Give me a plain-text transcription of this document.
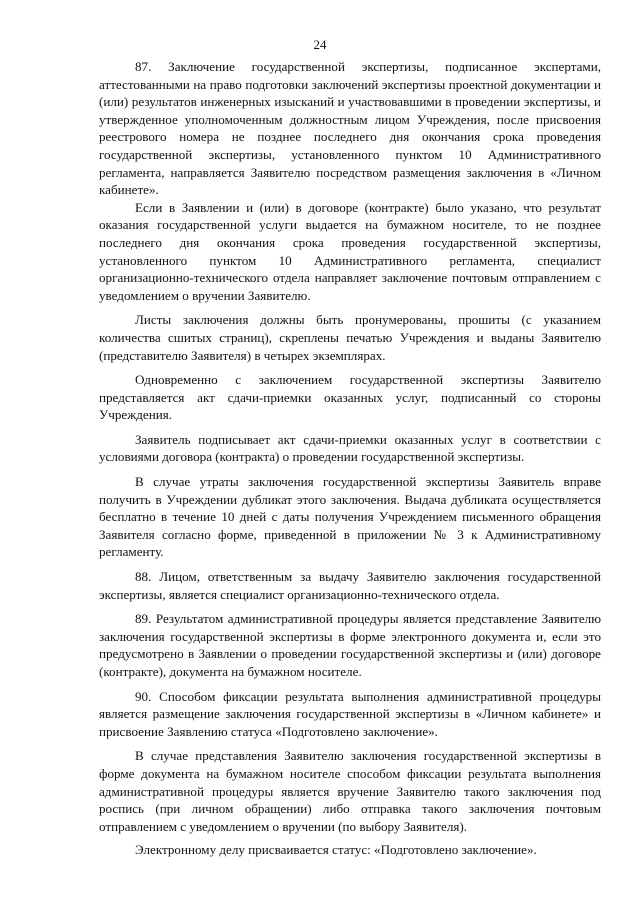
24

87. Заключение государственной экспертизы, подписанное экспертами, аттестованными на право подготовки заключений экспертизы проектной документации и (или) результатов инженерных изысканий и участвовавшими в проведении экспертизы, и утвержденное уполномоченным должностным лицом Учреждения, после присвоения реестрового номера не позднее последнего дня окончания срока проведения государственной экспертизы, установленного пунктом 10 Административного регламента, направляется Заявителю посредством размещения заключения в «Личном кабинете».

Если в Заявлении и (или) в договоре (контракте) было указано, что результат оказания государственной услуги выдается на бумажном носителе, то не позднее последнего дня окончания срока проведения государственной экспертизы, установленного пунктом 10 Административного регламента, специалист организационно-технического отдела направляет заключение почтовым отправлением с уведомлением о вручении Заявителю.

Листы заключения должны быть пронумерованы, прошиты (с указанием количества сшитых страниц), скреплены печатью Учреждения и выданы Заявителю (представителю Заявителя) в четырех экземплярах.

Одновременно с заключением государственной экспертизы Заявителю представляется акт сдачи-приемки оказанных услуг, подписанный со стороны Учреждения.

Заявитель подписывает акт сдачи-приемки оказанных услуг в соответствии с условиями договора (контракта) о проведении государственной экспертизы.

В случае утраты заключения государственной экспертизы Заявитель вправе получить в Учреждении дубликат этого заключения. Выдача дубликата осуществляется бесплатно в течение 10 дней с даты получения Учреждением письменного обращения Заявителя согласно форме, приведенной в приложении № 3 к Административному регламенту.

88. Лицом, ответственным за выдачу Заявителю заключения государственной экспертизы, является специалист организационно-технического отдела.

89. Результатом административной процедуры является представление Заявителю заключения государственной экспертизы в форме электронного документа и, если это предусмотрено в Заявлении о проведении государственной экспертизы и (или) договоре (контракте), документа на бумажном носителе.

90. Способом фиксации результата выполнения административной процедуры является размещение заключения государственной экспертизы в «Личном кабинете» и присвоение Заявлению статуса «Подготовлено заключение».

В случае представления Заявителю заключения государственной экспертизы в форме документа на бумажном носителе способом фиксации результата выполнения административной процедуры является вручение Заявителю такого заключения под роспись (при личном обращении) либо отправка такого заключения почтовым отправлением с уведомлением о вручении (по выбору Заявителя).

Электронному делу присваивается статус: «Подготовлено заключение».
